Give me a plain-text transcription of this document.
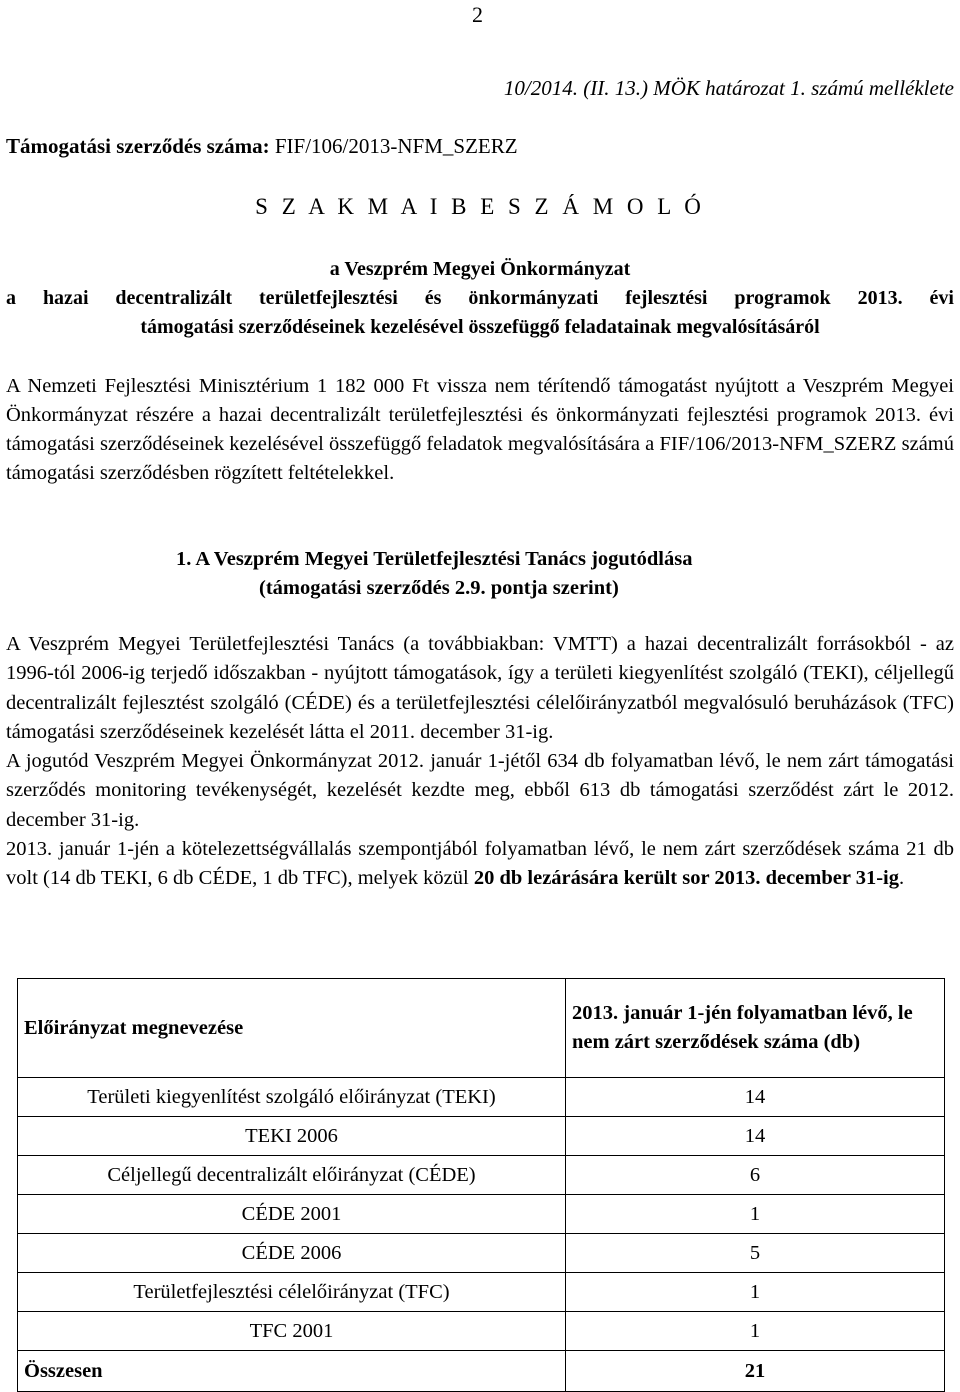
2
10/2014. (II. 13.) MÖK határozat 1. számú melléklete
Támogatási szerződés száma: FIF/106/2013-NFM_SZERZ
S Z A K M A I B E S Z Á M O L Ó
a Veszprém Megyei Önkormányzat
a hazai decentralizált területfejlesztési és önkormányzati fejlesztési programok 2013. évi
támogatási szerződéseinek kezelésével összefüggő feladatainak megvalósításáról

A Nemzeti Fejlesztési Minisztérium 1 182 000 Ft vissza nem térítendő támogatást nyújtott a Veszprém Megyei Önkormányzat részére a hazai decentralizált területfejlesztési és önkormányzati fejlesztési programok 2013. évi támogatási szerződéseinek kezelésével összefüggő feladatok megvalósítására a FIF/106/2013-NFM_SZERZ számú támogatási szerződésben rögzített feltételekkel.

1. A Veszprém Megyei Területfejlesztési Tanács jogutódlása
(támogatási szerződés 2.9. pontja szerint)

A Veszprém Megyei Területfejlesztési Tanács (a továbbiakban: VMTT) a hazai decentralizált forrásokból - az 1996-tól 2006-ig terjedő időszakban - nyújtott támogatások, így a területi kiegyenlítést szolgáló (TEKI), céljellegű decentralizált fejlesztést szolgáló (CÉDE) és a területfejlesztési célelőirányzatból megvalósuló beruházások (TFC) támogatási szerződéseinek kezelését látta el 2011. december 31-ig.

A jogutód Veszprém Megyei Önkormányzat 2012. január 1-jétől 634 db folyamatban lévő, le nem zárt támogatási szerződés monitoring tevékenységét, kezelését kezdte meg, ebből 613 db támogatási szerződést zárt le 2012. december 31-ig.

2013. január 1-jén a kötelezettségvállalás szempontjából folyamatban lévő, le nem zárt szerződések száma 21 db volt (14 db TEKI, 6 db CÉDE, 1 db TFC), melyek közül 20 db lezárására került sor 2013. december 31-ig.

Előirányzat megnevezése	2013. január 1-jén folyamatban lévő, le nem zárt szerződések száma (db)
Területi kiegyenlítést szolgáló előirányzat (TEKI)	14
TEKI 2006	14
Céljellegű decentralizált előirányzat (CÉDE)	6
CÉDE 2001	1
CÉDE 2006	5
Területfejlesztési célelőirányzat (TFC)	1
TFC 2001	1
Összesen	21
